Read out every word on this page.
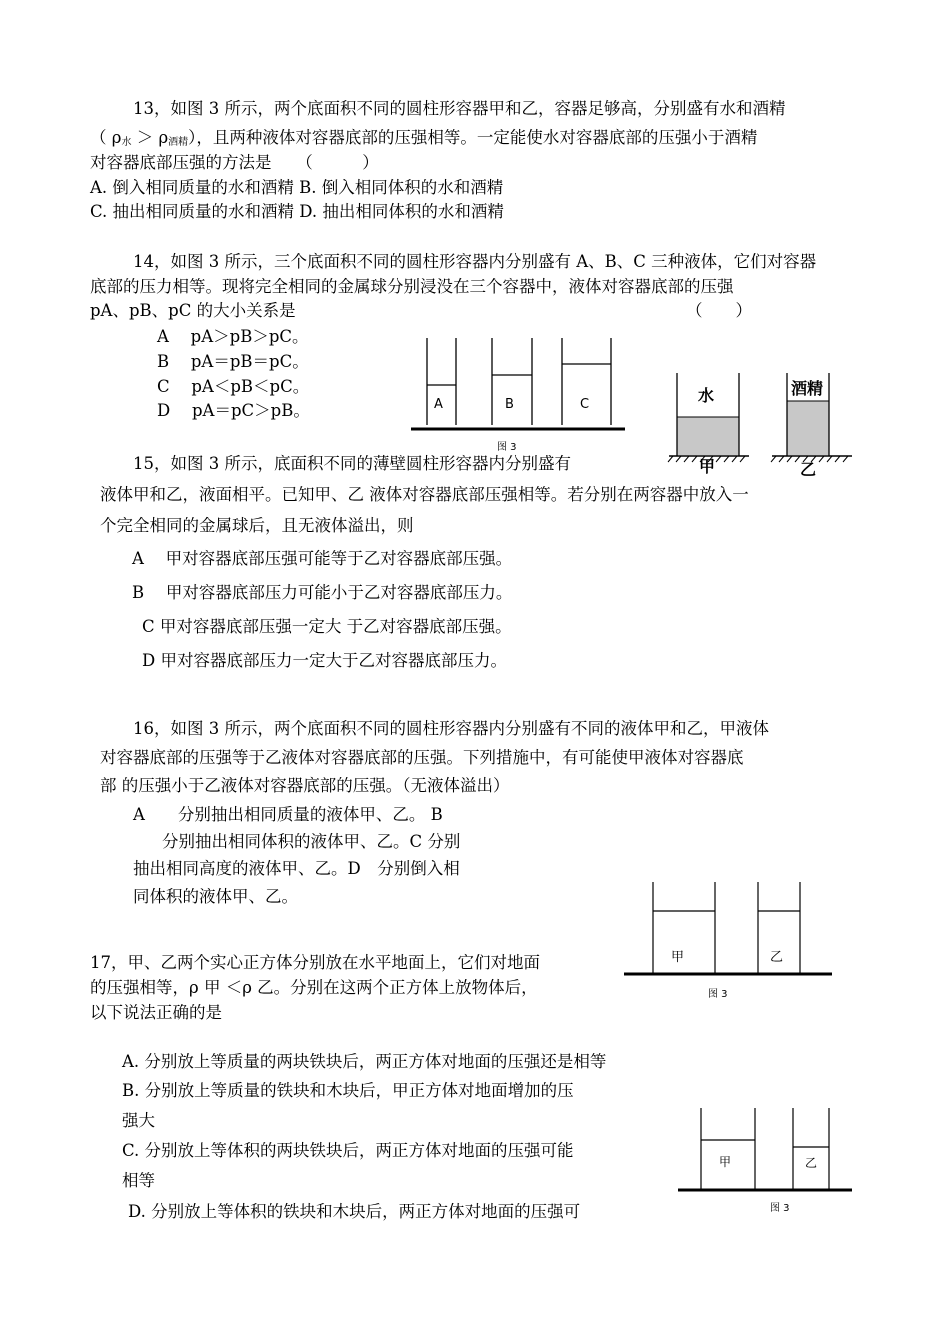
13，如图 3 所示，两个底面积不同的圆柱形容器甲和乙，容器足够高，分别盛有水和酒精
（ $\rho_水 > \rho_{酒精}$），且两种液体对容器底部的压强相等。一定能使水对容器底部的压强小于酒精
对容器底部压强的方法是　　（　　　）
A. 倒入相同质量的水和酒精 B. 倒入相同体积的水和酒精
C. 抽出相同质量的水和酒精 D. 抽出相同体积的水和酒精
14，如图 3 所示，三个底面积不同的圆柱形容器内分别盛有 A、B、C 三种液体，它们对容器
底部的压力相等。现将完全相同的金属球分别浸没在三个容器中，液体对容器底部的压强
pA、pB、pC 的大小关系是	（　　）
A　 pA＞pB＞pC。
B　 pA＝pB＝pC。
C　 pA＜pB＜pC。
D　 pA＝pC＞pB。	A	B	C
图 3
水	酒精
乙
甲
15，如图 3 所示，底面积不同的薄壁圆柱形容器内分别盛有
液体甲和乙，液面相平。已知甲、乙 液体对容器底部压强相等。若分别在两容器中放入一
个完全相同的金属球后，且无液体溢出，则
A　 甲对容器底部压强可能等于乙对容器底部压强。
B　 甲对容器底部压力可能小于乙对容器底部压力。
C 甲对容器底部压强一定大 于乙对容器底部压强。
D 甲对容器底部压力一定大于乙对容器底部压力。
16，如图 3 所示，两个底面积不同的圆柱形容器内分别盛有不同的液体甲和乙，甲液体
对容器底部的压强等于乙液体对容器底部的压强。下列措施中，有可能使甲液体对容器底
部 的压强小于乙液体对容器底部的压强。（无液体溢出）
A　　分别抽出相同质量的液体甲、乙。 B
分别抽出相同体积的液体甲、乙。C 分别
抽出相同高度的液体甲、乙。D　分别倒入相
同体积的液体甲、乙。
甲	乙
图 3
17，甲、乙两个实心正方体分别放在水平地面上，它们对地面
的压强相等，ρ 甲 ＜ρ 乙。分别在这两个正方体上放物体后，
以下说法正确的是
A. 分别放上等质量的两块铁块后，两正方体对地面的压强还是相等
B. 分别放上等质量的铁块和木块后，甲正方体对地面增加的压
强大
C. 分别放上等体积的两块铁块后，两正方体对地面的压强可能
相等
D. 分别放上等体积的铁块和木块后，两正方体对地面的压强可
甲	乙
图 3
